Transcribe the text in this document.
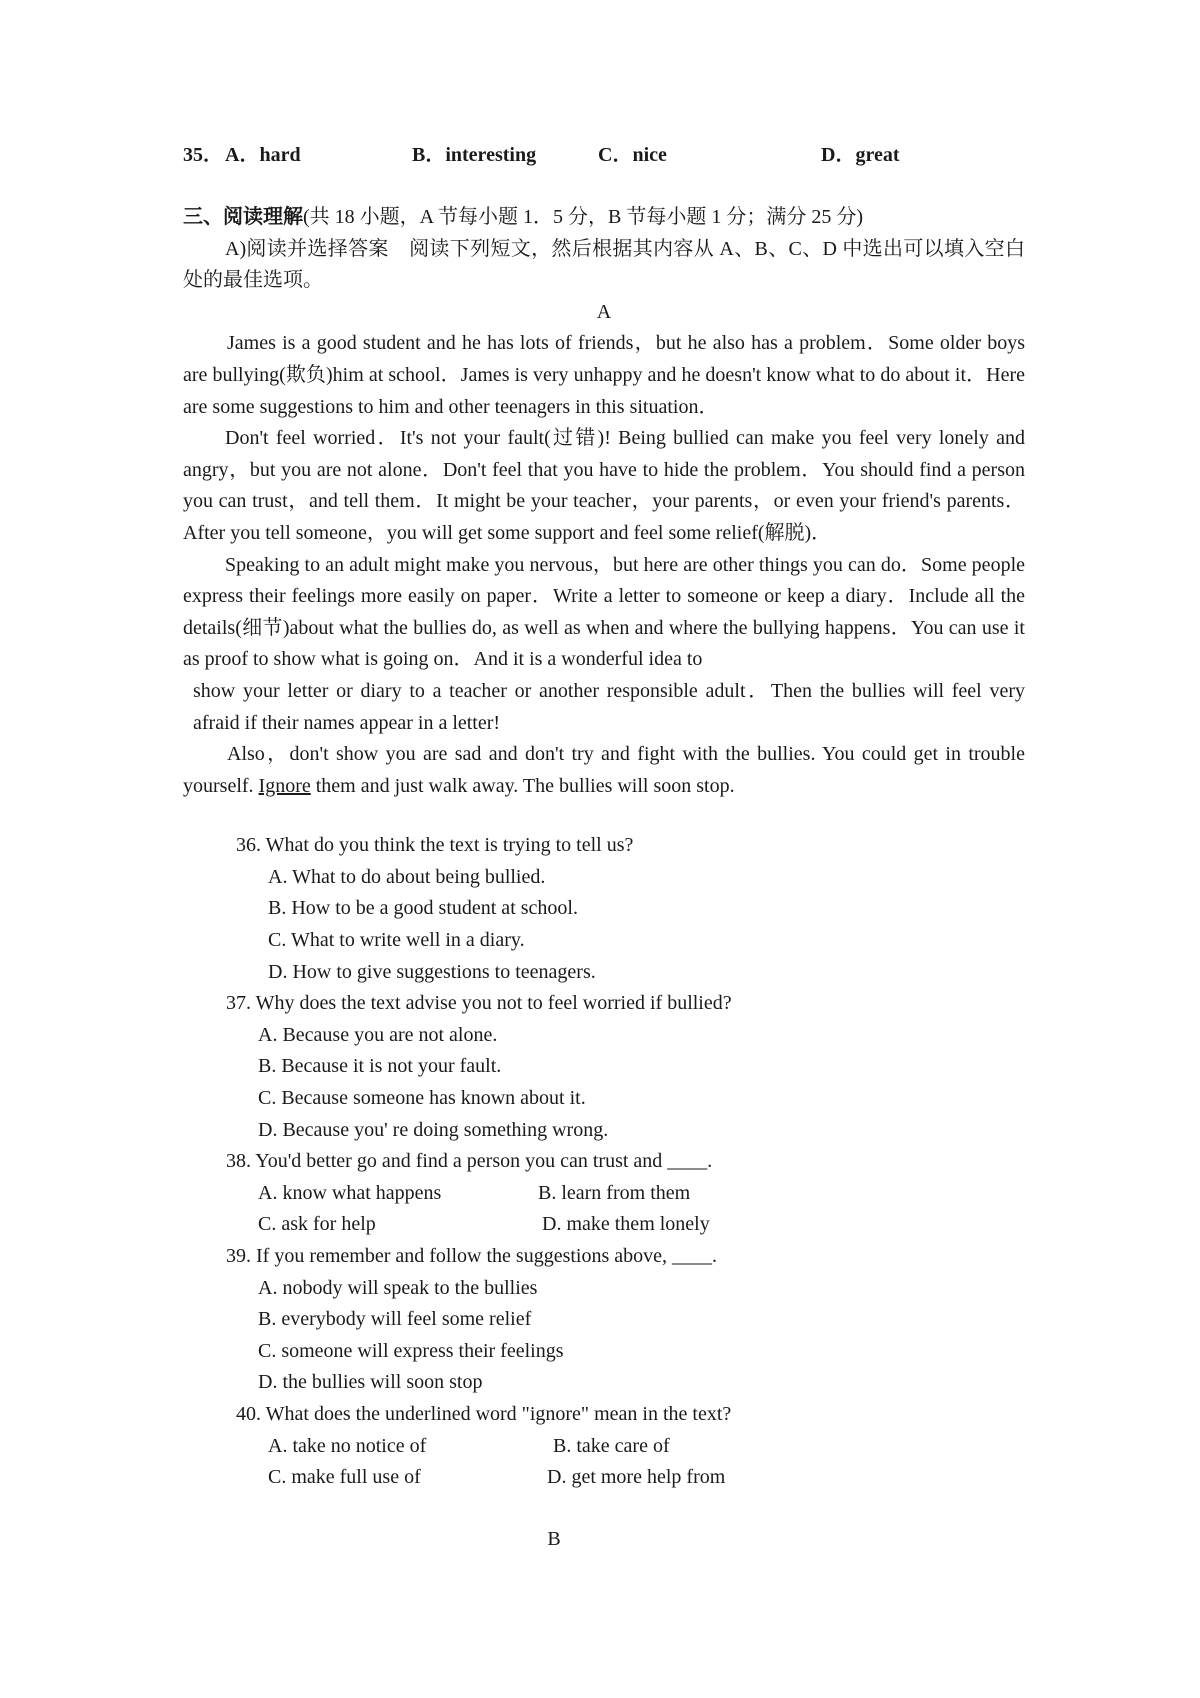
35．

A．hard

	B．interesting

	C．nice

	D．great

三、阅读理解(共 18 小题，A 节每小题 1．5 分，B 节每小题 1 分；满分 25 分)
A)阅读并选择答案　阅读下列短文，然后根据其内容从 A、B、C、D 中选出可以填入空白处的最佳选项。
A

James is a good student and he has lots of friends，but he also has a problem．Some older boys are bullying(欺负)him at school．James is very unhappy and he doesn't know what to do about it．Here are some suggestions to him and other teenagers in this situation．

Don't feel worried．It's not your fault(过错)! Being bullied can make you feel very lonely and angry，but you are not alone．Don't feel that you have to hide the problem．You should find a person you can trust，and tell them．It might be your teacher，your parents，or even your friend's parents．After you tell someone，you will get some support and feel some relief(解脱)．

Speaking to an adult might make you nervous，but here are other things you can do．Some people express their feelings more easily on paper．Write a letter to someone or keep a diary．Include all the details(细节)about what the bullies do, as well as when and where the bullying happens．You can use it as proof to show what is going on．And it is a wonderful idea to

show your letter or diary to a teacher or another responsible adult．Then the bullies will feel very afraid if their names appear in a letter!

Also，don't show you are sad and don't try and fight with the bullies. You could get in trouble yourself. Ignore them and just walk away. The bullies will soon stop.

36. What do you think the text is trying to tell us?

A. What to do about being bullied.

B. How to be a good student at school.

C. What to write well in a diary.

D. How to give suggestions to teenagers.

37. Why does the text advise you not to feel worried if bullied?

A. Because you are not alone.

B. Because it is not your fault.

C. Because someone has known about it.

D. Because you' re doing something wrong.

38. You'd better go and find a person you can trust and ____.

A. know what happens	B. learn from them
C. ask for help	D. make them lonely

39. If you remember and follow the suggestions above, ____.

A. nobody will speak to the bullies

B. everybody will feel some relief

C. someone will express their feelings

D. the bullies will soon stop

40. What does the underlined word "ignore" mean in the text?

A. take no notice of	B. take care of
C. make full use of	D. get more help from
B
